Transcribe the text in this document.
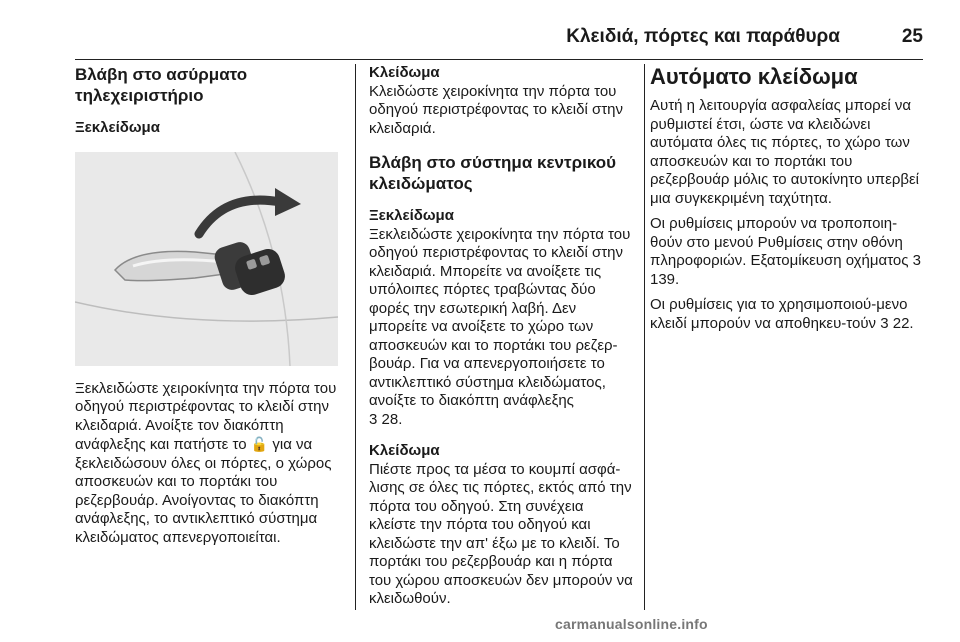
Κλειδιά, πόρτες και παράθυρα	25
Βλάβη στο ασύρματο τηλεχειριστήριο
Ξεκλείδωμα

Ξεκλειδώστε χειροκίνητα την πόρτα του οδηγού περιστρέφοντας το κλειδί στην κλειδαριά. Ανοίξτε τον διακόπτη ανάφλεξης και πατήστε το 🔓 για να ξεκλειδώσουν όλες οι πόρτες, ο χώρος αποσκευών και το πορτάκι του ρεζερβουάρ. Ανοίγοντας το διακόπτη ανάφλεξης, το αντικλεπτικό σύστημα κλειδώματος απενεργοποιείται.

Κλείδωμα

Κλειδώστε χειροκίνητα την πόρτα του οδηγού περιστρέφοντας το κλειδί στην κλειδαριά.

Βλάβη στο σύστημα κεντρικού κλειδώματος
Ξεκλείδωμα

Ξεκλειδώστε χειροκίνητα την πόρτα του οδηγού περιστρέφοντας το κλειδί στην κλειδαριά. Μπορείτε να ανοίξετε τις υπόλοιπες πόρτες τραβώντας δύο φορές την εσωτερική λαβή. Δεν μπορείτε να ανοίξετε το χώρο των αποσκευών και το πορτάκι του ρεζερ-βουάρ. Για να απενεργοποιήσετε το αντικλεπτικό σύστημα κλειδώματος, ανοίξτε το διακόπτη ανάφλεξης
3 28.

Κλείδωμα

Πιέστε προς τα μέσα το κουμπί ασφά-λισης σε όλες τις πόρτες, εκτός από την πόρτα του οδηγού. Στη συνέχεια κλείστε την πόρτα του οδηγού και κλειδώστε την απ' έξω με το κλειδί. Το πορτάκι του ρεζερβουάρ και η πόρτα του χώρου αποσκευών δεν μπορούν να κλειδωθούν.

Αυτόματο κλείδωμα

Αυτή η λειτουργία ασφαλείας μπορεί να ρυθμιστεί έτσι, ώστε να κλειδώνει αυτόματα όλες τις πόρτες, το χώρο των αποσκευών και το πορτάκι του ρεζερβουάρ μόλις το αυτοκίνητο υπερβεί μια συγκεκριμένη ταχύτητα.

Οι ρυθμίσεις μπορούν να τροποποιη-θούν στο μενού Ρυθμίσεις στην οθόνη πληροφοριών. Εξατομίκευση οχήματος 3 139.

Οι ρυθμίσεις για το χρησιμοποιού-μενο κλειδί μπορούν να αποθηκευ-τούν 3 22.

carmanualsonline.info
